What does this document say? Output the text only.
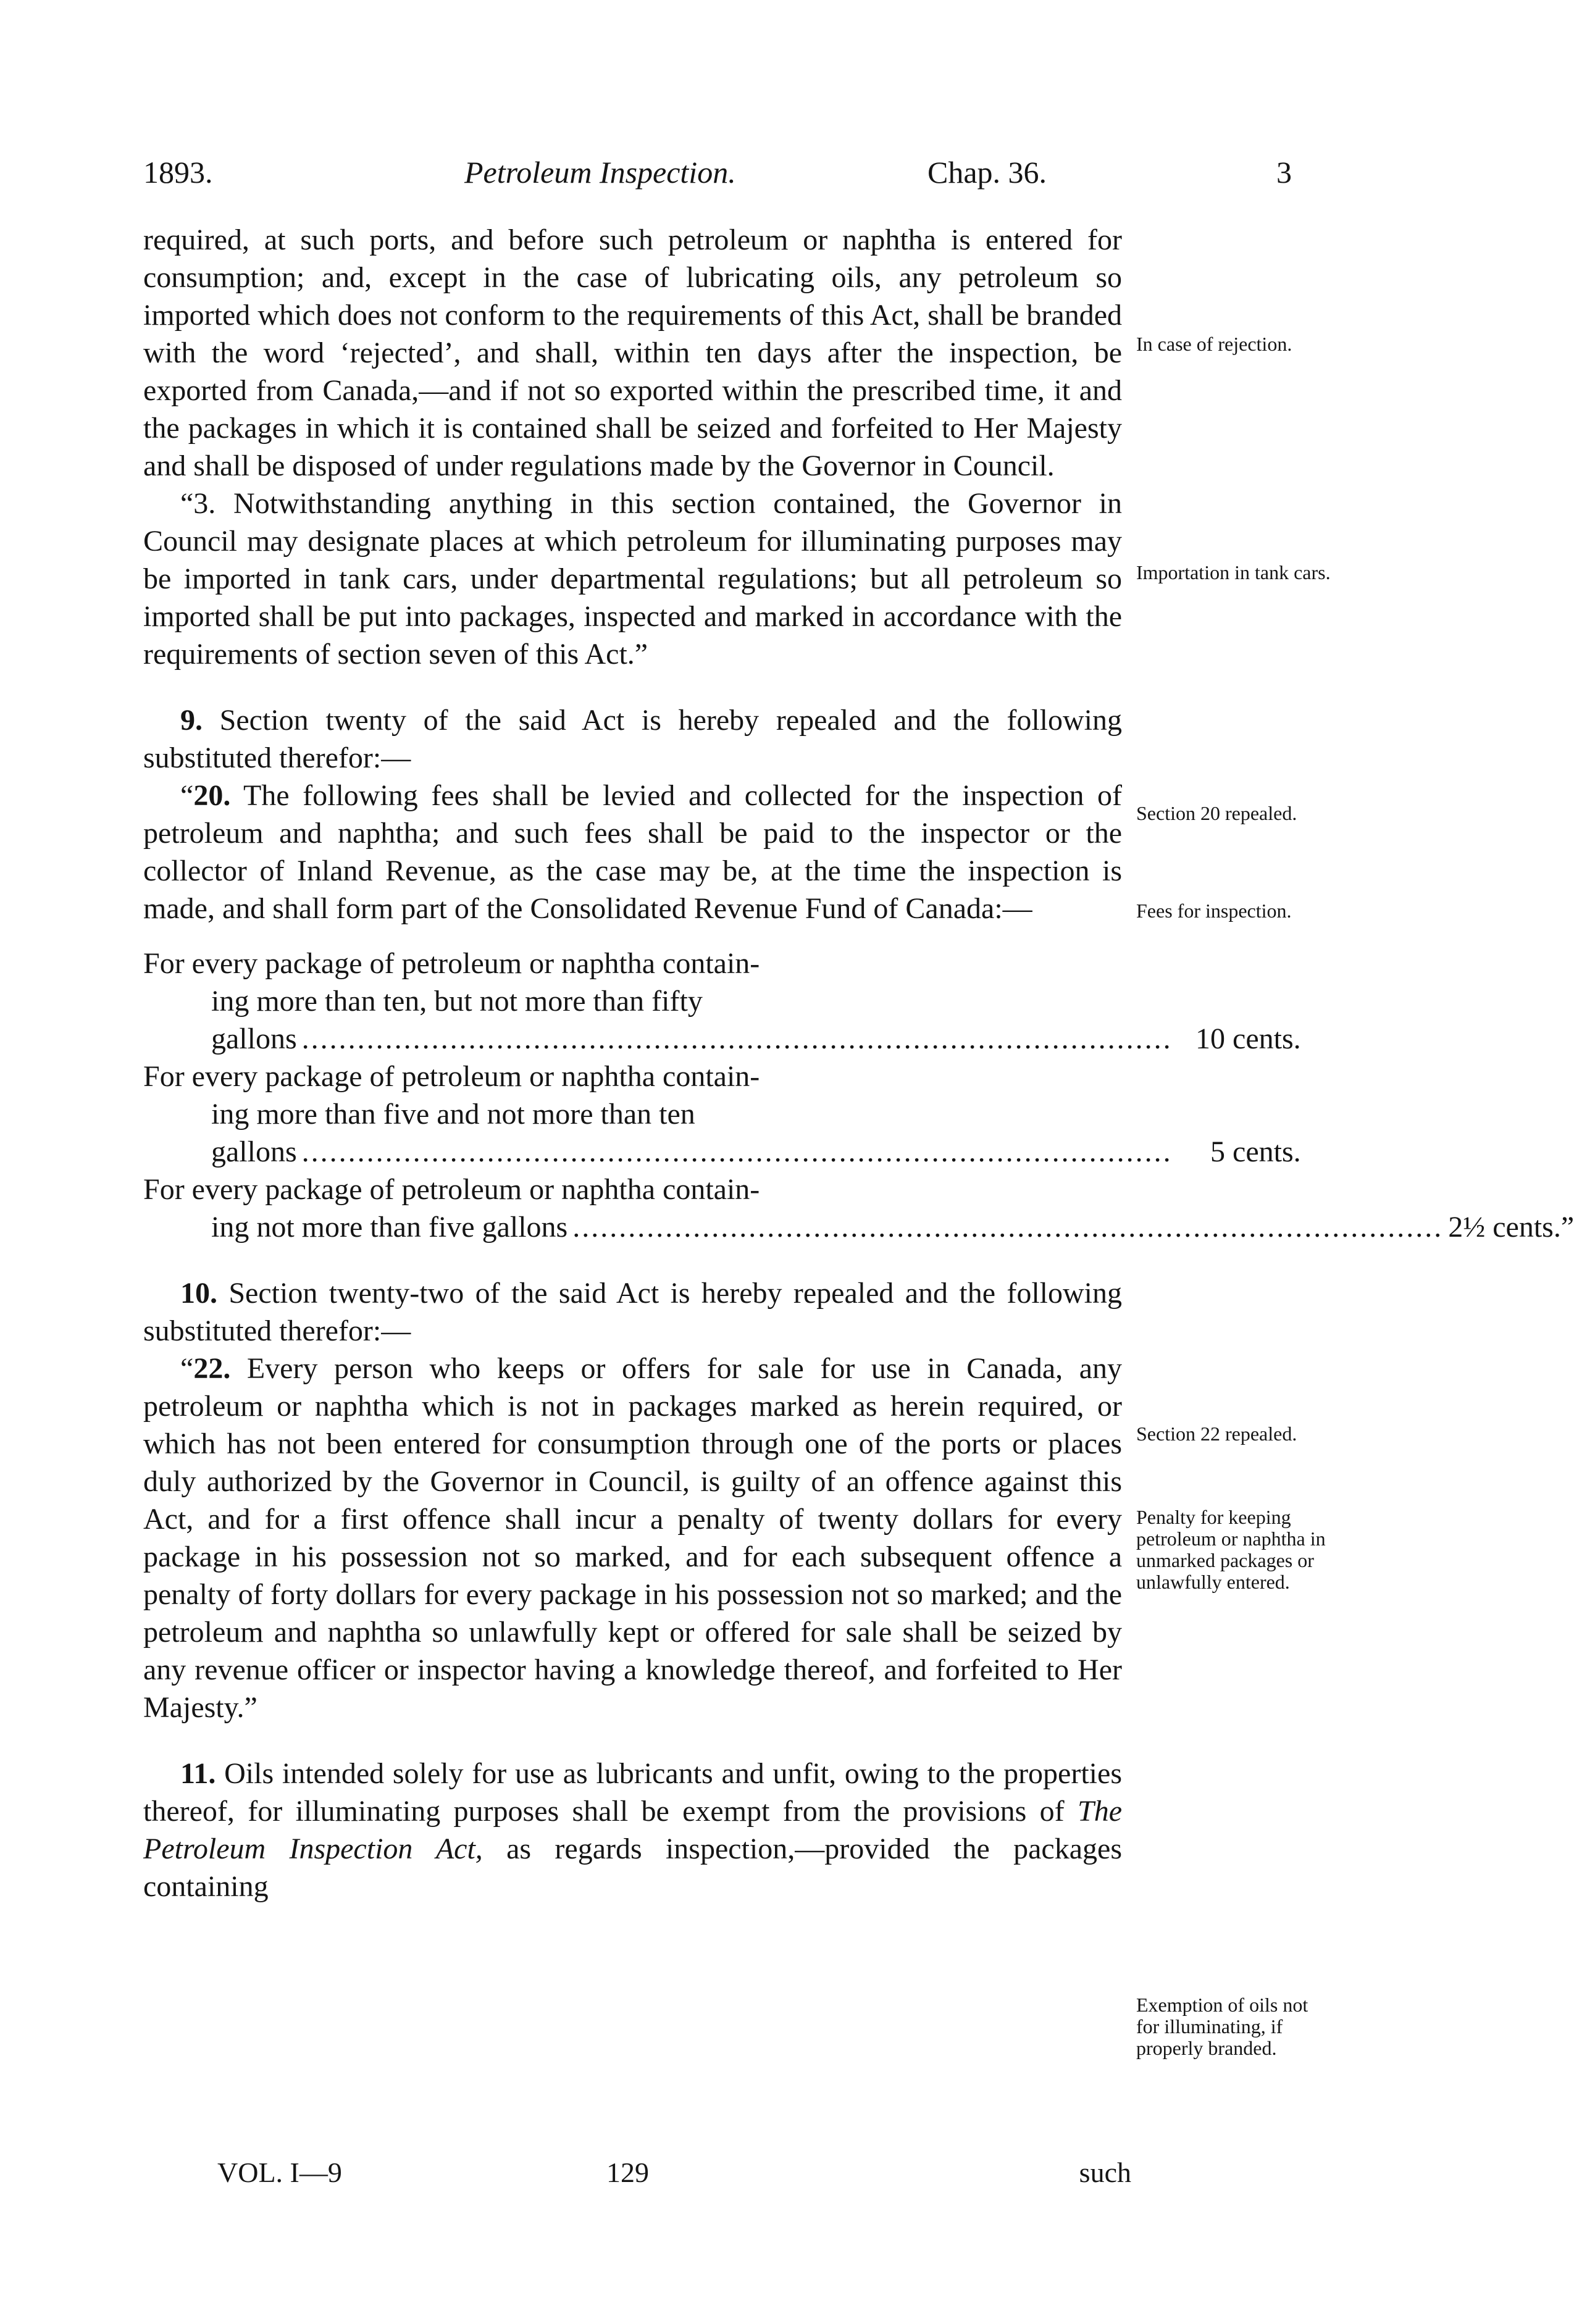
1893.	Petroleum Inspection.	Chap. 36.	3

required, at such ports, and before such petroleum or naphtha is entered for consumption; and, except in the case of lubricating oils, any petroleum so imported which does not conform to the requirements of this Act, shall be branded with the word ‘rejected’, and shall, within ten days after the inspection, be exported from Canada,—and if not so exported within the prescribed time, it and the packages in which it is contained shall be seized and forfeited to Her Majesty and shall be disposed of under regulations made by the Governor in Council.

“3. Notwithstanding anything in this section contained, the Governor in Council may designate places at which petroleum for illuminating purposes may be imported in tank cars, under departmental regulations; but all petroleum so imported shall be put into packages, inspected and marked in accordance with the requirements of section seven of this Act.”

9. Section twenty of the said Act is hereby repealed and the following substituted therefor:—

“20. The following fees shall be levied and collected for the inspection of petroleum and naphtha; and such fees shall be paid to the inspector or the collector of Inland Revenue, as the case may be, at the time the inspection is made, and shall form part of the Consolidated Revenue Fund of Canada:—

For every package of petroleum or naphtha contain-

ing more than ten, but not more than fifty

gallons .............................................................................................. 10 cents.

For every package of petroleum or naphtha contain-

ing more than five and not more than ten

gallons ..............................................................................................	5 cents.

For every package of petroleum or naphtha contain-

ing not more than five gallons .............................................................................................. 2½ cents.”

10. Section twenty-two of the said Act is hereby repealed and the following substituted therefor:—

“22. Every person who keeps or offers for sale for use in Canada, any petroleum or naphtha which is not in packages marked as herein required, or which has not been entered for consumption through one of the ports or places duly authorized by the Governor in Council, is guilty of an offence against this Act, and for a first offence shall incur a penalty of twenty dollars for every package in his possession not so marked, and for each subsequent offence a penalty of forty dollars for every package in his possession not so marked; and the petroleum and naphtha so unlawfully kept or offered for sale shall be seized by any revenue officer or inspector having a knowledge thereof, and forfeited to Her Majesty.”

11. Oils intended solely for use as lubricants and unfit, owing to the properties thereof, for illuminating purposes shall be exempt from the provisions of The Petroleum Inspection Act, as regards inspection,—provided the packages containing

In case of rejection.
Importation in tank cars.
Section 20 repealed.
Fees for inspection.
Section 22 repealed.
Penalty for keeping petroleum or naphtha in unmarked packages or unlawfully entered.
Exemption of oils not for illuminating, if properly branded.
VOL. I—9	129	such
